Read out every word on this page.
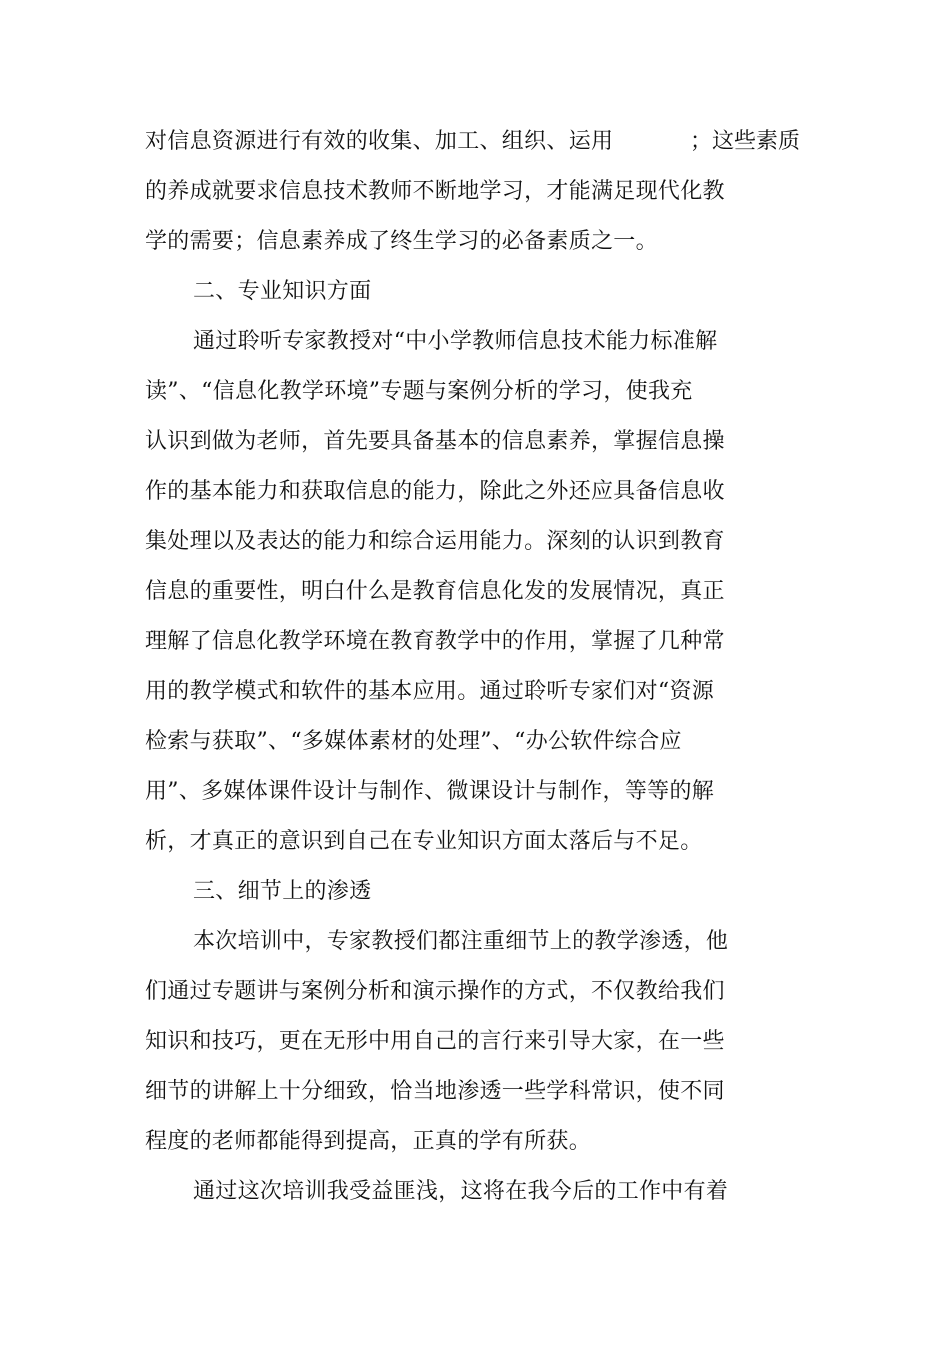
对信息资源进行有效的收集、加工、组织、运用	；这些素质
的养成就要求信息技术教师不断地学习，才能满足现代化教
学的需要；信息素养成了终生学习的必备素质之一。
二、专业知识方面
通过聆听专家教授对“中小学教师信息技术能力标准解
读”、“信息化教学环境”专题与案例分析的学习，使我充
认识到做为老师，首先要具备基本的信息素养，掌握信息操
作的基本能力和获取信息的能力，除此之外还应具备信息收
集处理以及表达的能力和综合运用能力。深刻的认识到教育
信息的重要性，明白什么是教育信息化发的发展情况，真正
理解了信息化教学环境在教育教学中的作用，掌握了几种常
用的教学模式和软件的基本应用。通过聆听专家们对“资源
检索与获取”、“多媒体素材的处理”、“办公软件综合应
用”、多媒体课件设计与制作、微课设计与制作，等等的解
析，才真正的意识到自己在专业知识方面太落后与不足。
三、细节上的渗透
本次培训中，专家教授们都注重细节上的教学渗透，他
们通过专题讲与案例分析和演示操作的方式，不仅教给我们
知识和技巧，更在无形中用自己的言行来引导大家，在一些
细节的讲解上十分细致，恰当地渗透一些学科常识，使不同
程度的老师都能得到提高，正真的学有所获。
通过这次培训我受益匪浅，这将在我今后的工作中有着
